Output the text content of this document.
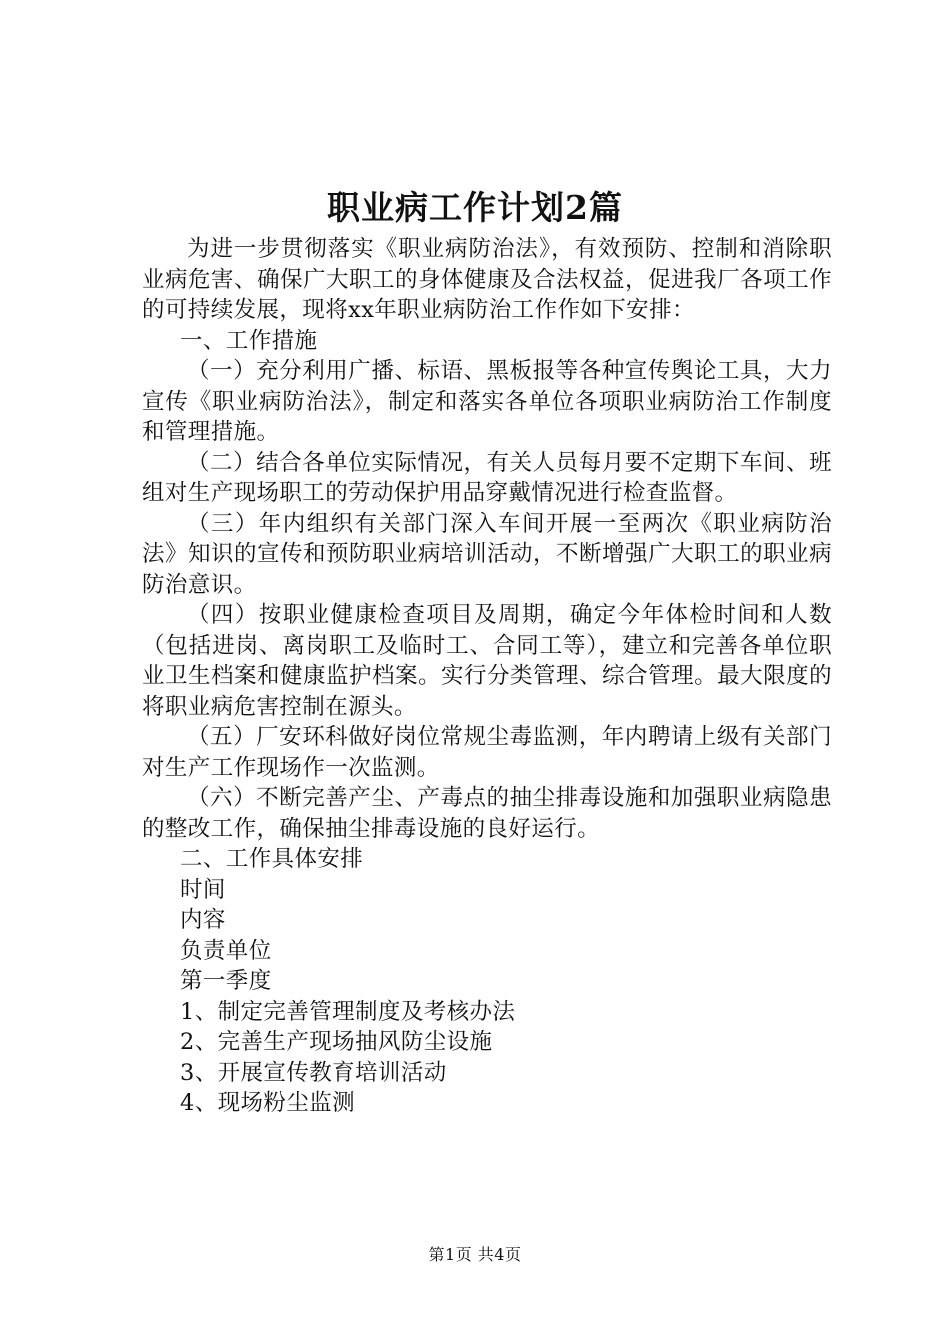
职业病工作计划2篇

为进一步贯彻落实《职业病防治法》，有效预防、控制和消除职业病危害、确保广大职工的身体健康及合法权益，促进我厂各项工作的可持续发展，现将xx年职业病防治工作作如下安排：

一、工作措施

（一）充分利用广播、标语、黑板报等各种宣传舆论工具，大力宣传《职业病防治法》，制定和落实各单位各项职业病防治工作制度和管理措施。

（二）结合各单位实际情况，有关人员每月要不定期下车间、班组对生产现场职工的劳动保护用品穿戴情况进行检查监督。

（三）年内组织有关部门深入车间开展一至两次《职业病防治法》知识的宣传和预防职业病培训活动，不断增强广大职工的职业病防治意识。

（四）按职业健康检查项目及周期，确定今年体检时间和人数（包括进岗、离岗职工及临时工、合同工等），建立和完善各单位职业卫生档案和健康监护档案。实行分类管理、综合管理。最大限度的将职业病危害控制在源头。

（五）厂安环科做好岗位常规尘毒监测，年内聘请上级有关部门对生产工作现场作一次监测。

（六）不断完善产尘、产毒点的抽尘排毒设施和加强职业病隐患的整改工作，确保抽尘排毒设施的良好运行。

二、工作具体安排

时间

内容

负责单位

第一季度

1、制定完善管理制度及考核办法

2、完善生产现场抽风防尘设施

3、开展宣传教育培训活动

4、现场粉尘监测

第1页 共4页
